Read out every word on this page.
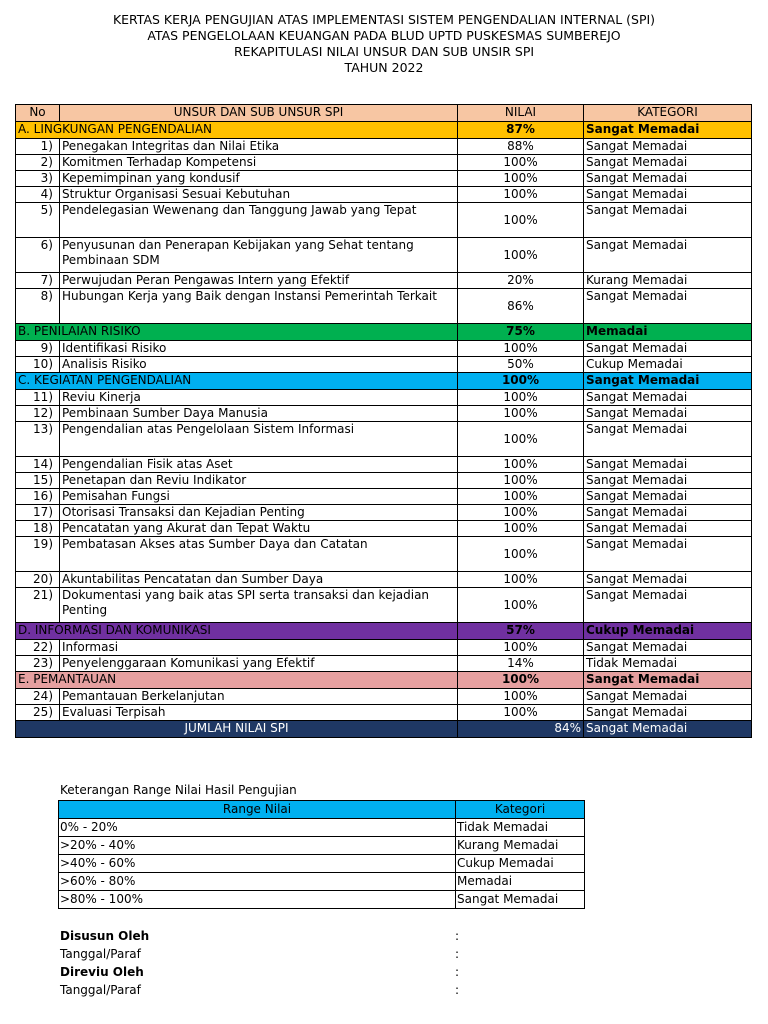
KERTAS KERJA PENGUJIAN ATAS IMPLEMENTASI SISTEM PENGENDALIAN INTERNAL (SPI)
ATAS PENGELOLAAN KEUANGAN PADA BLUD UPTD PUSKESMAS SUMBEREJO
REKAPITULASI NILAI UNSUR DAN SUB UNSIR SPI
TAHUN 2022
No	UNSUR DAN SUB UNSUR SPI	NILAI	KATEGORI
A. LINGKUNGAN PENGENDALIAN		87%	Sangat Memadai
1)	Penegakan Integritas dan Nilai Etika	88%	Sangat Memadai
2)	Komitmen Terhadap Kompetensi	100%	Sangat Memadai
3)	Kepemimpinan yang kondusif	100%	Sangat Memadai
4)	Struktur Organisasi Sesuai Kebutuhan	100%	Sangat Memadai
5)	Pendelegasian Wewenang dan Tanggung Jawab yang Tepat	100%	Sangat Memadai
6)	Penyusunan dan Penerapan Kebijakan yang Sehat tentang Pembinaan SDM	100%	Sangat Memadai
7)	Perwujudan Peran Pengawas Intern yang Efektif	20%	Kurang Memadai
8)	Hubungan Kerja yang Baik dengan Instansi Pemerintah Terkait	86%	Sangat Memadai
B. PENILAIAN RISIKO		75%	Memadai
9)	Identifikasi Risiko	100%	Sangat Memadai
10)	Analisis Risiko	50%	Cukup Memadai
C. KEGIATAN PENGENDALIAN		100%	Sangat Memadai
11)	Reviu Kinerja	100%	Sangat Memadai
12)	Pembinaan Sumber Daya Manusia	100%	Sangat Memadai
13)	Pengendalian atas Pengelolaan Sistem Informasi	100%	Sangat Memadai
14)	Pengendalian Fisik atas Aset	100%	Sangat Memadai
15)	Penetapan dan Reviu Indikator	100%	Sangat Memadai
16)	Pemisahan Fungsi	100%	Sangat Memadai
17)	Otorisasi Transaksi dan Kejadian Penting	100%	Sangat Memadai
18)	Pencatatan yang Akurat dan Tepat Waktu	100%	Sangat Memadai
19)	Pembatasan Akses atas Sumber Daya dan Catatan	100%	Sangat Memadai
20)	Akuntabilitas Pencatatan dan Sumber Daya	100%	Sangat Memadai
21)	Dokumentasi yang baik atas SPI serta transaksi dan kejadian Penting	100%	Sangat Memadai
D. INFORMASI DAN KOMUNIKASI		57%	Cukup Memadai
22)	Informasi	100%	Sangat Memadai
23)	Penyelenggaraan Komunikasi yang Efektif	14%	Tidak Memadai
E. PEMANTAUAN		100%	Sangat Memadai
24)	Pemantauan Berkelanjutan	100%	Sangat Memadai
25)	Evaluasi Terpisah	100%	Sangat Memadai
JUMLAH NILAI SPI		84%	Sangat Memadai
Keterangan Range Nilai Hasil Pengujian
Range Nilai	Kategori
0% - 20%	Tidak Memadai
>20% - 40%	Kurang Memadai
>40% - 60%	Cukup Memadai
>60% - 80%	Memadai
>80% - 100%	Sangat Memadai
Disusun Oleh	:
Tanggal/Paraf	:
Direviu Oleh	:
Tanggal/Paraf	:
